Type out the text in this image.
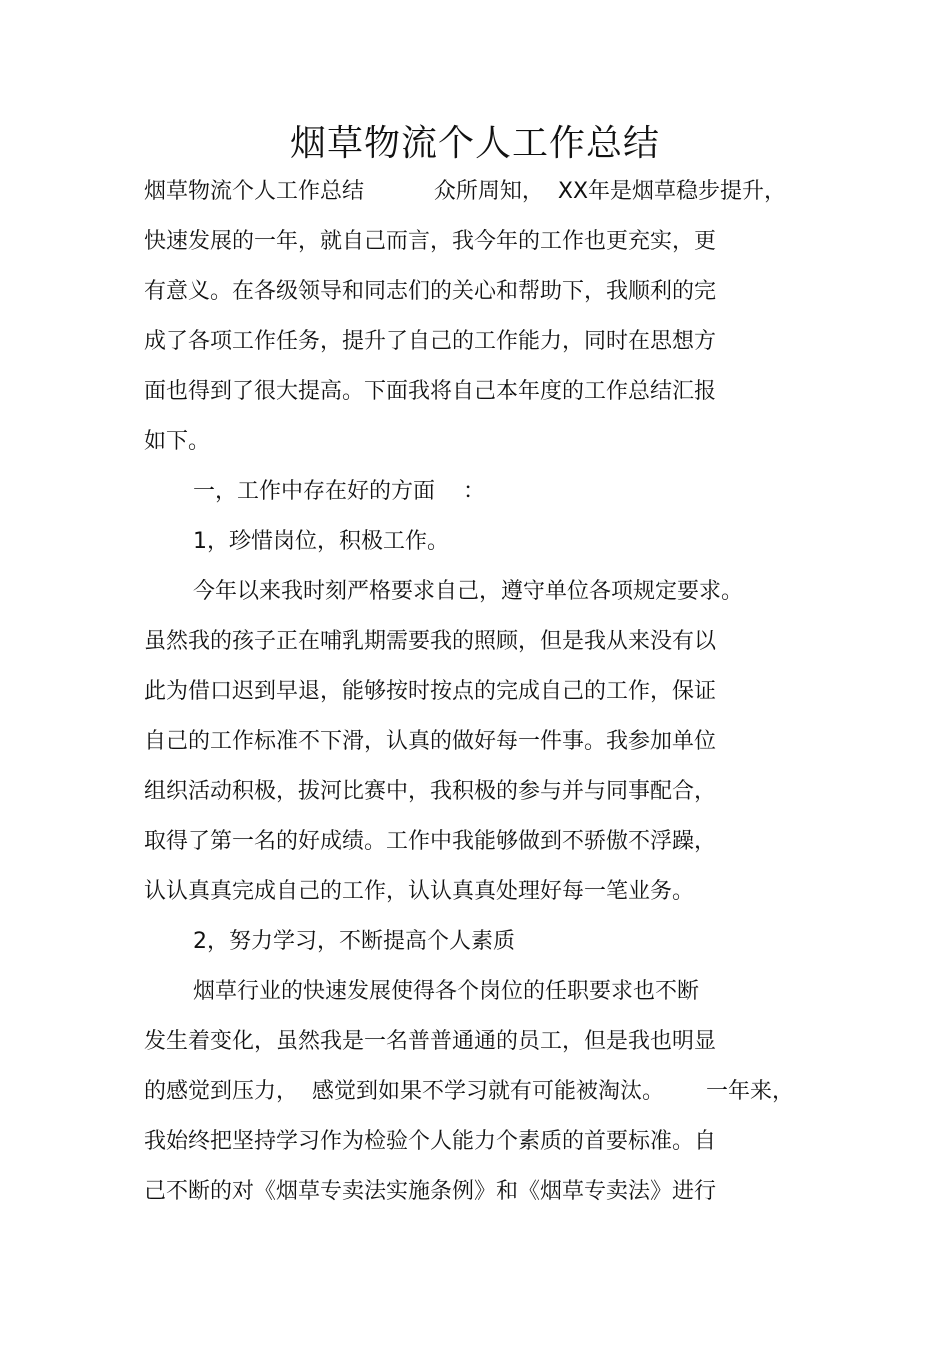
烟草物流个人工作总结

烟草物流个人工作总结          众所周知，  XX年是烟草稳步提升，

快速发展的一年，就自己而言，我今年的工作也更充实，更

有意义。在各级领导和同志们的关心和帮助下，我顺利的完

成了各项工作任务，提升了自己的工作能力，同时在思想方

面也得到了很大提高。下面我将自己本年度的工作总结汇报

如下。

一，工作中存在好的方面    ：

1，珍惜岗位，积极工作。

今年以来我时刻严格要求自己，遵守单位各项规定要求。

虽然我的孩子正在哺乳期需要我的照顾，但是我从来没有以

此为借口迟到早退，能够按时按点的完成自己的工作，保证

自己的工作标准不下滑，认真的做好每一件事。我参加单位

组织活动积极，拔河比赛中，我积极的参与并与同事配合，

取得了第一名的好成绩。工作中我能够做到不骄傲不浮躁，

认认真真完成自己的工作，认认真真处理好每一笔业务。

2，努力学习，不断提高个人素质

烟草行业的快速发展使得各个岗位的任职要求也不断

发生着变化，虽然我是一名普普通通的员工，但是我也明显

的感觉到压力，  感觉到如果不学习就有可能被淘汰。      一年来，

我始终把坚持学习作为检验个人能力个素质的首要标准。自

己不断的对《烟草专卖法实施条例》和《烟草专卖法》进行
